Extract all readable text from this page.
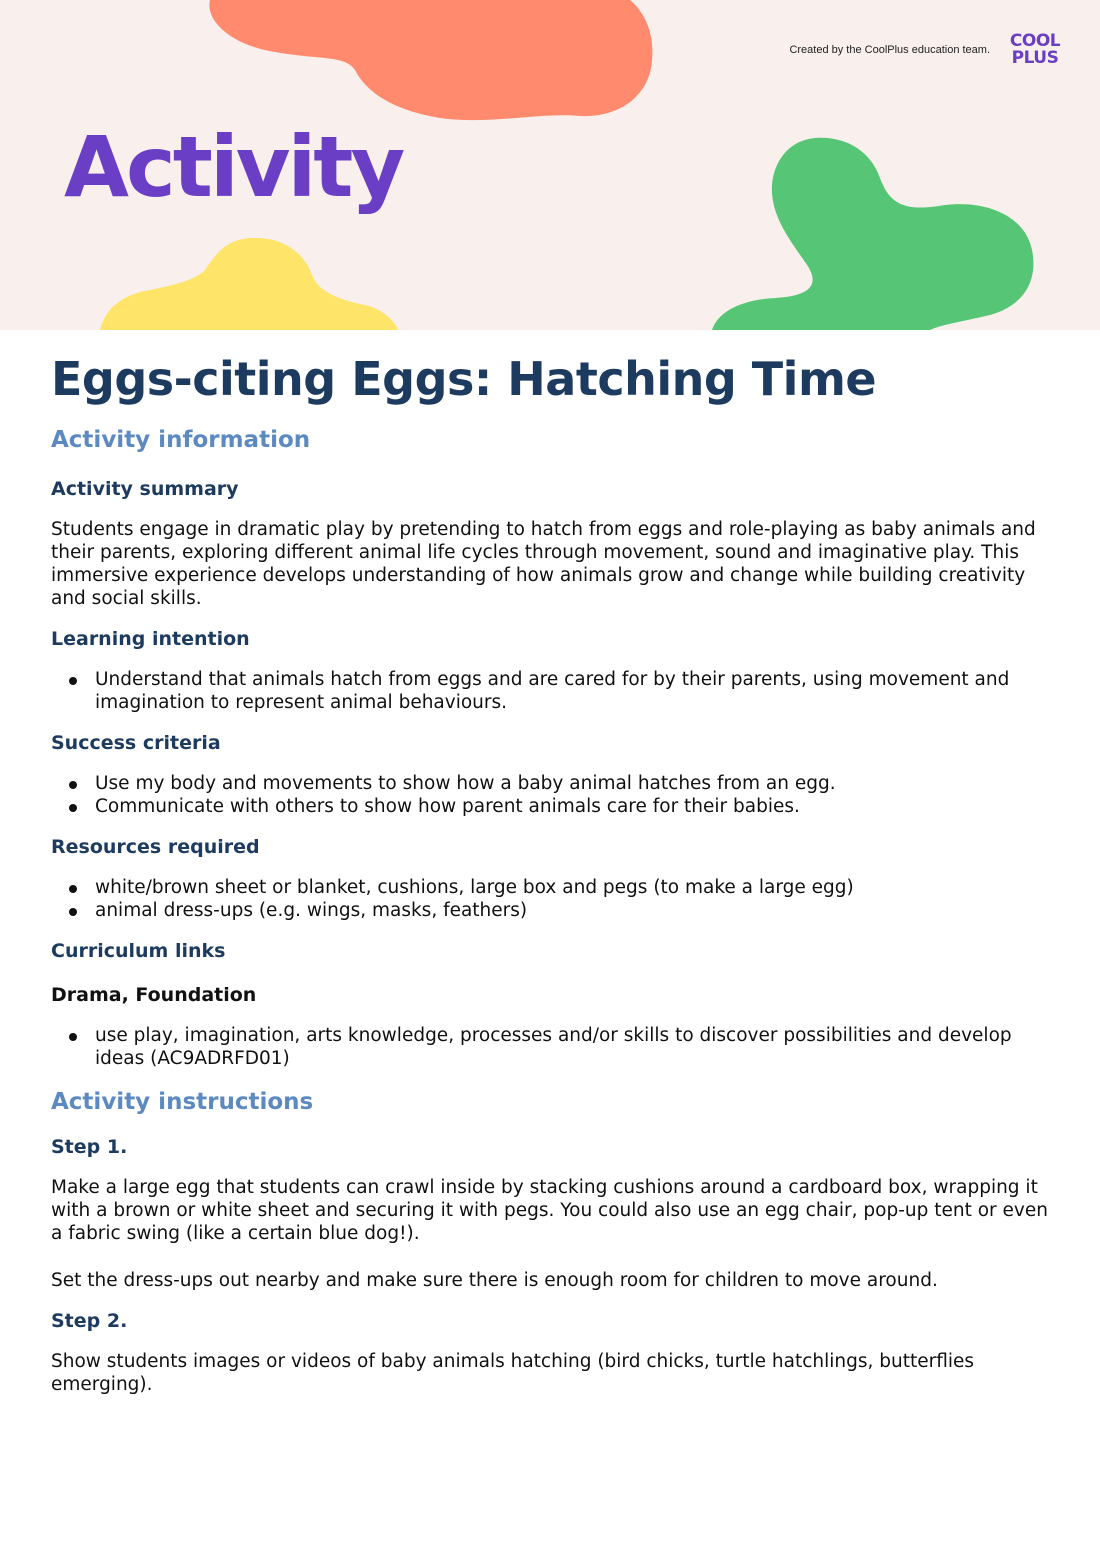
Created by the CoolPlus education team.	COOL
PLUS
Activity
Eggs-citing Eggs: Hatching Time
Activity information
Activity summary

Students engage in dramatic play by pretending to hatch from eggs and role-playing as baby animals and their parents, exploring different animal life cycles through movement, sound and imaginative play. This immersive experience develops understanding of how animals grow and change while building creativity and social skills.

Learning intention
Understand that animals hatch from eggs and are cared for by their parents, using movement and imagination to represent animal behaviours.
Success criteria
Use my body and movements to show how a baby animal hatches from an egg.
Communicate with others to show how parent animals care for their babies.
Resources required
white/brown sheet or blanket, cushions, large box and pegs (to make a large egg)
animal dress-ups (e.g. wings, masks, feathers)
Curriculum links
Drama, Foundation
use play, imagination, arts knowledge, processes and/or skills to discover possibilities and develop ideas (AC9ADRFD01)
Activity instructions
Step 1.

Make a large egg that students can crawl inside by stacking cushions around a cardboard box, wrapping it with a brown or white sheet and securing it with pegs. You could also use an egg chair, pop-up tent or even a fabric swing (like a certain blue dog!).

Set the dress-ups out nearby and make sure there is enough room for children to move around.

Step 2.

Show students images or videos of baby animals hatching (bird chicks, turtle hatchlings, butterflies emerging).
